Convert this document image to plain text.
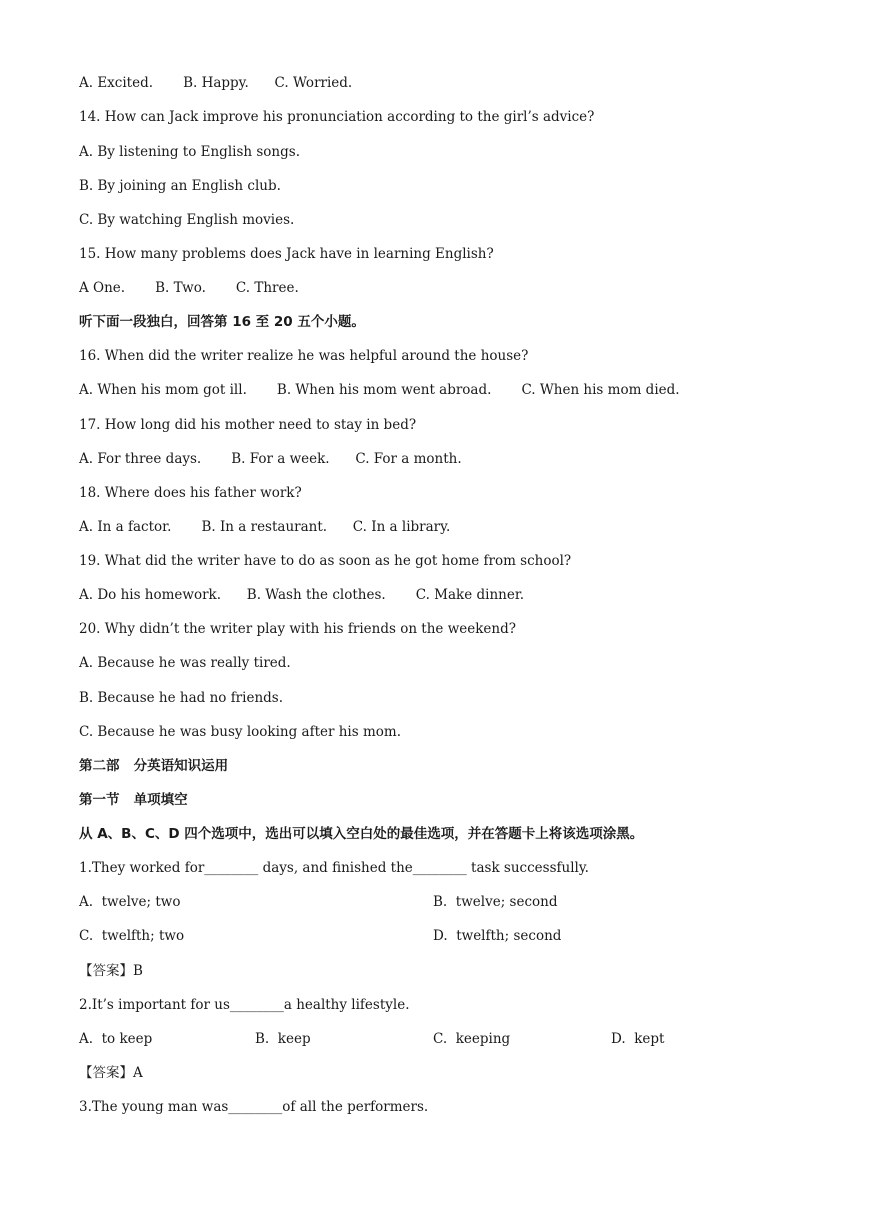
A. Excited.       B. Happy.      C. Worried.
14. How can Jack improve his pronunciation according to the girl’s advice?
A. By listening to English songs.
B. By joining an English club.
C. By watching English movies.
15. How many problems does Jack have in learning English?
A One.       B. Two.       C. Three.
听下面一段独白，回答第 16 至 20 五个小题。
16. When did the writer realize he was helpful around the house?
A. When his mom got ill.       B. When his mom went abroad.       C. When his mom died.
17. How long did his mother need to stay in bed?
A. For three days.       B. For a week.      C. For a month.
18. Where does his father work?
A. In a factor.       B. In a restaurant.      C. In a library.
19. What did the writer have to do as soon as he got home from school?
A. Do his homework.      B. Wash the clothes.       C. Make dinner.
20. Why didn’t the writer play with his friends on the weekend?
A. Because he was really tired.
B. Because he had no friends.
C. Because he was busy looking after his mom.
第二部   分英语知识运用
第一节   单项填空
从 A、B、C、D 四个选项中，选出可以填入空白处的最佳选项，并在答题卡上将该选项涂黑。
1.They worked for________ days, and finished the________ task successfully.
A.  twelve; two	B.  twelve; second
C.  twelfth; two	D.  twelfth; second
【答案】B
2.It’s important for us________a healthy lifestyle.
A.  to keep	B.  keep	C.  keeping	D.  kept
【答案】A
3.The young man was________of all the performers.
